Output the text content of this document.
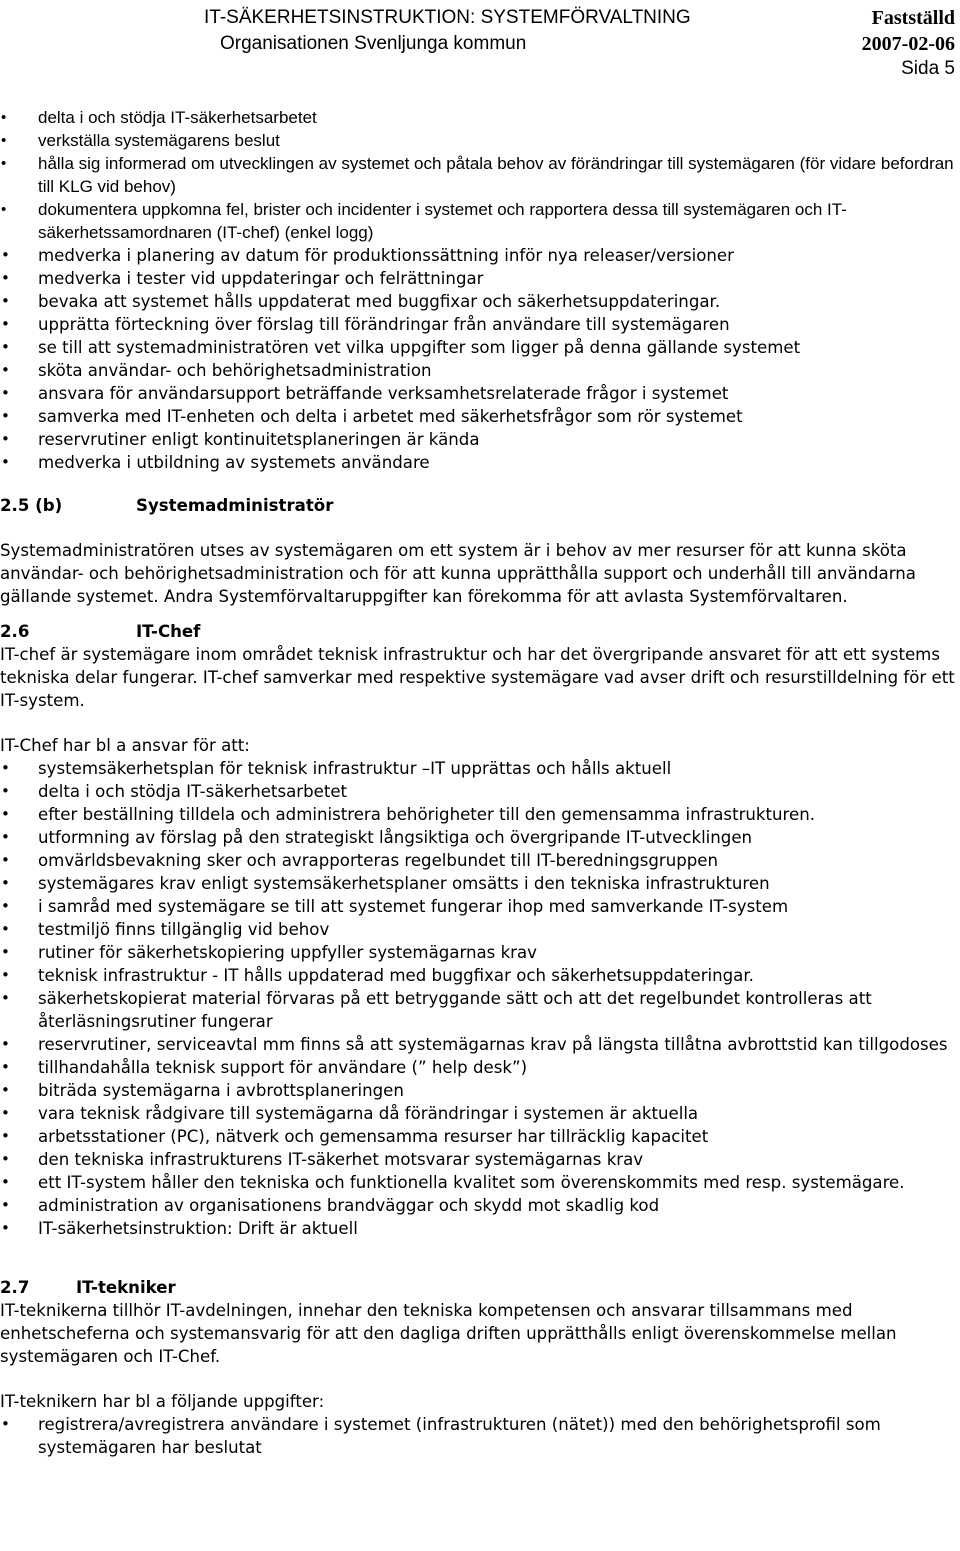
IT-SÄKERHETSINSTRUKTION: SYSTEMFÖRVALTNING
Organisationen Svenljunga kommun
Fastställd
2007-02-06
Sida 5
• delta i och stödja IT-säkerhetsarbetet
• verkställa systemägarens beslut
• hålla sig informerad om utvecklingen av systemet och påtala behov av förändringar till systemägaren (för vidare befordran till KLG vid behov)
• dokumentera uppkomna fel, brister och incidenter i systemet och rapportera dessa till systemägaren och IT-säkerhetssamordnaren (IT-chef) (enkel logg)
• medverka i planering av datum för produktionssättning inför nya releaser/versioner
• medverka i tester vid uppdateringar och felrättningar
• bevaka att systemet hålls uppdaterat med buggfixar och säkerhetsuppdateringar.
• upprätta förteckning över förslag till förändringar från användare till systemägaren
• se till att systemadministratören vet vilka uppgifter som ligger på denna gällande systemet
• sköta användar- och behörighetsadministration
• ansvara för användarsupport beträffande verksamhetsrelaterade frågor i systemet
• samverka med IT-enheten och delta i arbetet med säkerhetsfrågor som rör systemet
• reservrutiner enligt kontinuitetsplaneringen är kända
• medverka i utbildning av systemets användare
2.5 (b)	Systemadministratör

Systemadministratören utses av systemägaren om ett system är i behov av mer resurser för att kunna sköta användar- och behörighetsadministration och för att kunna upprätthålla support och underhåll till användarna gällande systemet. Andra Systemförvaltaruppgifter kan förekomma för att avlasta Systemförvaltaren.

2.6	IT-Chef

IT-chef är systemägare inom området teknisk infrastruktur och har det övergripande ansvaret för att ett systems tekniska delar fungerar. IT-chef samverkar med respektive systemägare vad avser drift och resurstilldelning för ett IT-system.

IT-Chef har bl a ansvar för att:

• systemsäkerhetsplan för teknisk infrastruktur –IT upprättas och hålls aktuell
• delta i och stödja IT-säkerhetsarbetet
• efter beställning tilldela och administrera behörigheter till den gemensamma infrastrukturen.
• utformning av förslag på den strategiskt långsiktiga och övergripande IT-utvecklingen
• omvärldsbevakning sker och avrapporteras regelbundet till IT-beredningsgruppen
• systemägares krav enligt systemsäkerhetsplaner omsätts i den tekniska infrastrukturen
• i samråd med systemägare se till att systemet fungerar ihop med samverkande IT-system
• testmiljö finns tillgänglig vid behov
• rutiner för säkerhetskopiering uppfyller systemägarnas krav
• teknisk infrastruktur - IT hålls uppdaterad med buggfixar och säkerhetsuppdateringar.
• säkerhetskopierat material förvaras på ett betryggande sätt och att det regelbundet kontrolleras att återläsningsrutiner fungerar
• reservrutiner, serviceavtal mm finns så att systemägarnas krav på längsta tillåtna avbrottstid kan tillgodoses
• tillhandahålla teknisk support för användare (” help desk”)
• biträda systemägarna i avbrottsplaneringen
• vara teknisk rådgivare till systemägarna då förändringar i systemen är aktuella
• arbetsstationer (PC), nätverk och gemensamma resurser har tillräcklig kapacitet
• den tekniska infrastrukturens IT-säkerhet motsvarar systemägarnas krav
• ett IT-system håller den tekniska och funktionella kvalitet som överenskommits med resp. systemägare.
• administration av organisationens brandväggar och skydd mot skadlig kod
• IT-säkerhetsinstruktion: Drift är aktuell
2.7	IT-tekniker

IT-teknikerna tillhör IT-avdelningen, innehar den tekniska kompetensen och ansvarar tillsammans med enhetscheferna och systemansvarig för att den dagliga driften upprätthålls enligt överenskommelse mellan systemägaren och IT-Chef.

IT-teknikern har bl a följande uppgifter:

• registrera/avregistrera användare i systemet (infrastrukturen (nätet)) med den behörighetsprofil som systemägaren har beslutat
